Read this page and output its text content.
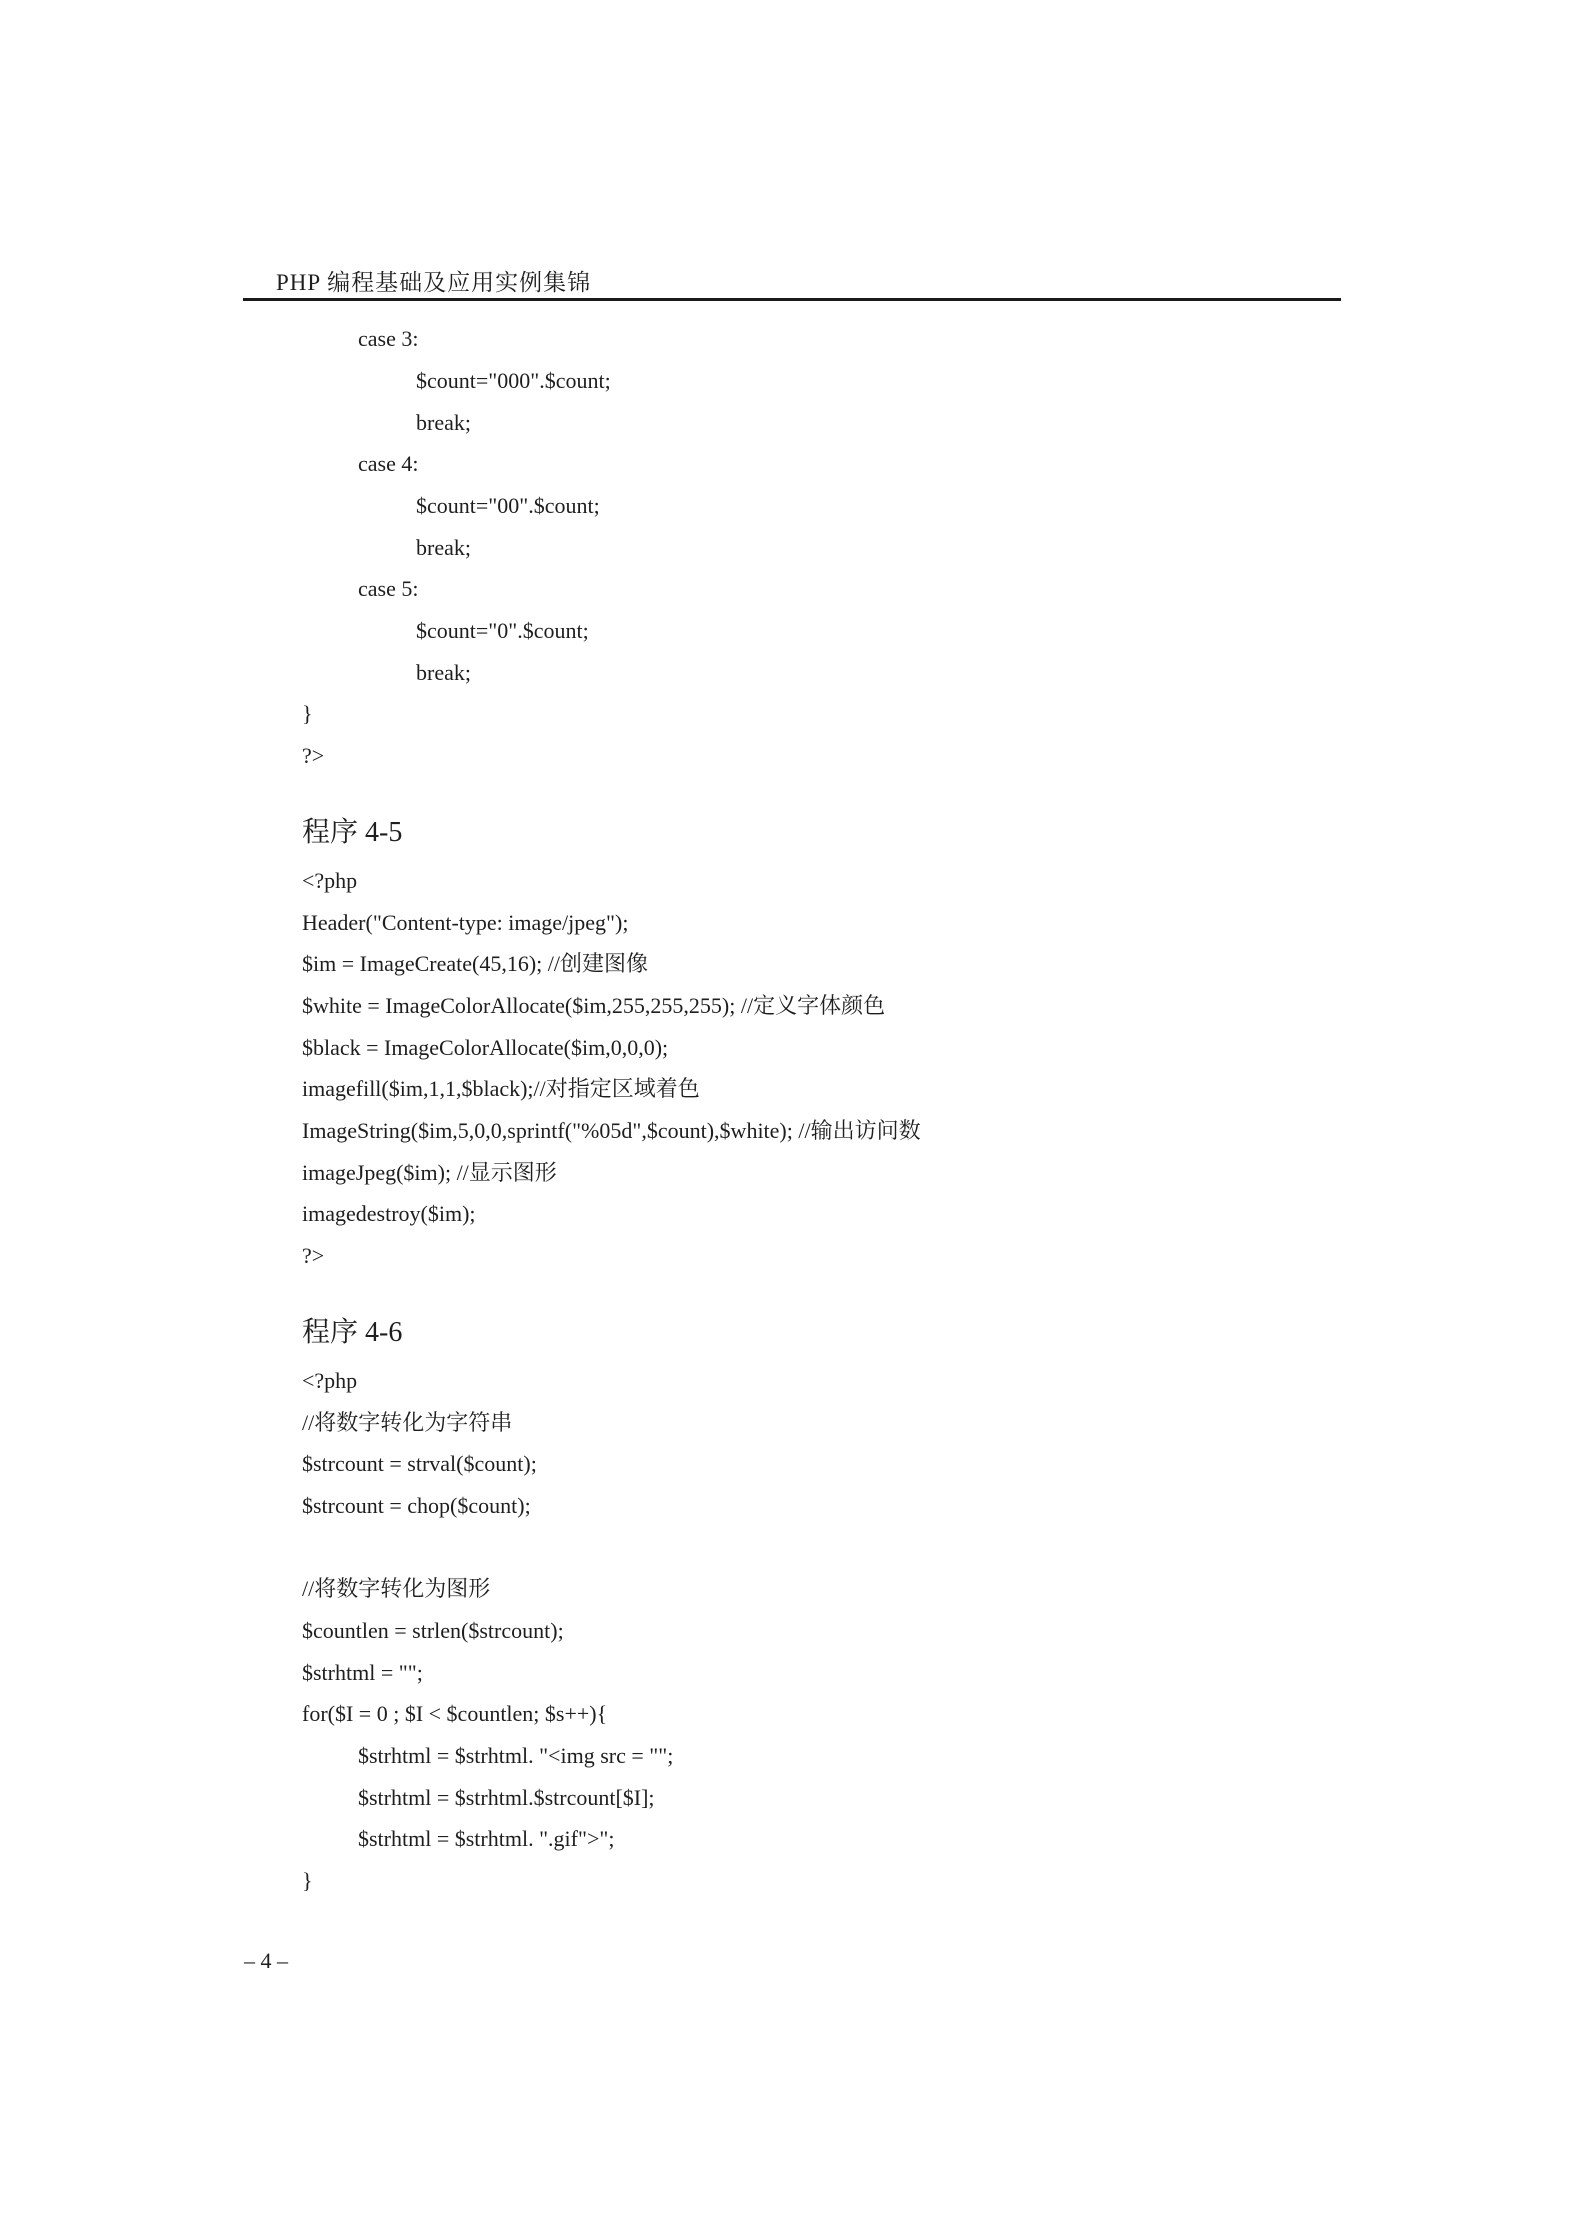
PHP 编程基础及应用实例集锦
case 3:
$count="000".$count;
break;
case 4:
$count="00".$count;
break;
case 5:
$count="0".$count;
break;
}
?>
程序 4-5
<?php
Header("Content-type: image/jpeg");
$im = ImageCreate(45,16); //创建图像
$white = ImageColorAllocate($im,255,255,255); //定义字体颜色
$black = ImageColorAllocate($im,0,0,0);
imagefill($im,1,1,$black);//对指定区域着色
ImageString($im,5,0,0,sprintf("%05d",$count),$white); //输出访问数
imageJpeg($im); //显示图形
imagedestroy($im);
?>
程序 4-6
<?php
//将数字转化为字符串
$strcount = strval($count);
$strcount = chop($count);
//将数字转化为图形
$countlen = strlen($strcount);
$strhtml = "";
for($I = 0 ; $I < $countlen; $s++){
$strhtml = $strhtml. "<img src = "";
$strhtml = $strhtml.$strcount[$I];
$strhtml = $strhtml. ".gif">";
}
– 4 –
